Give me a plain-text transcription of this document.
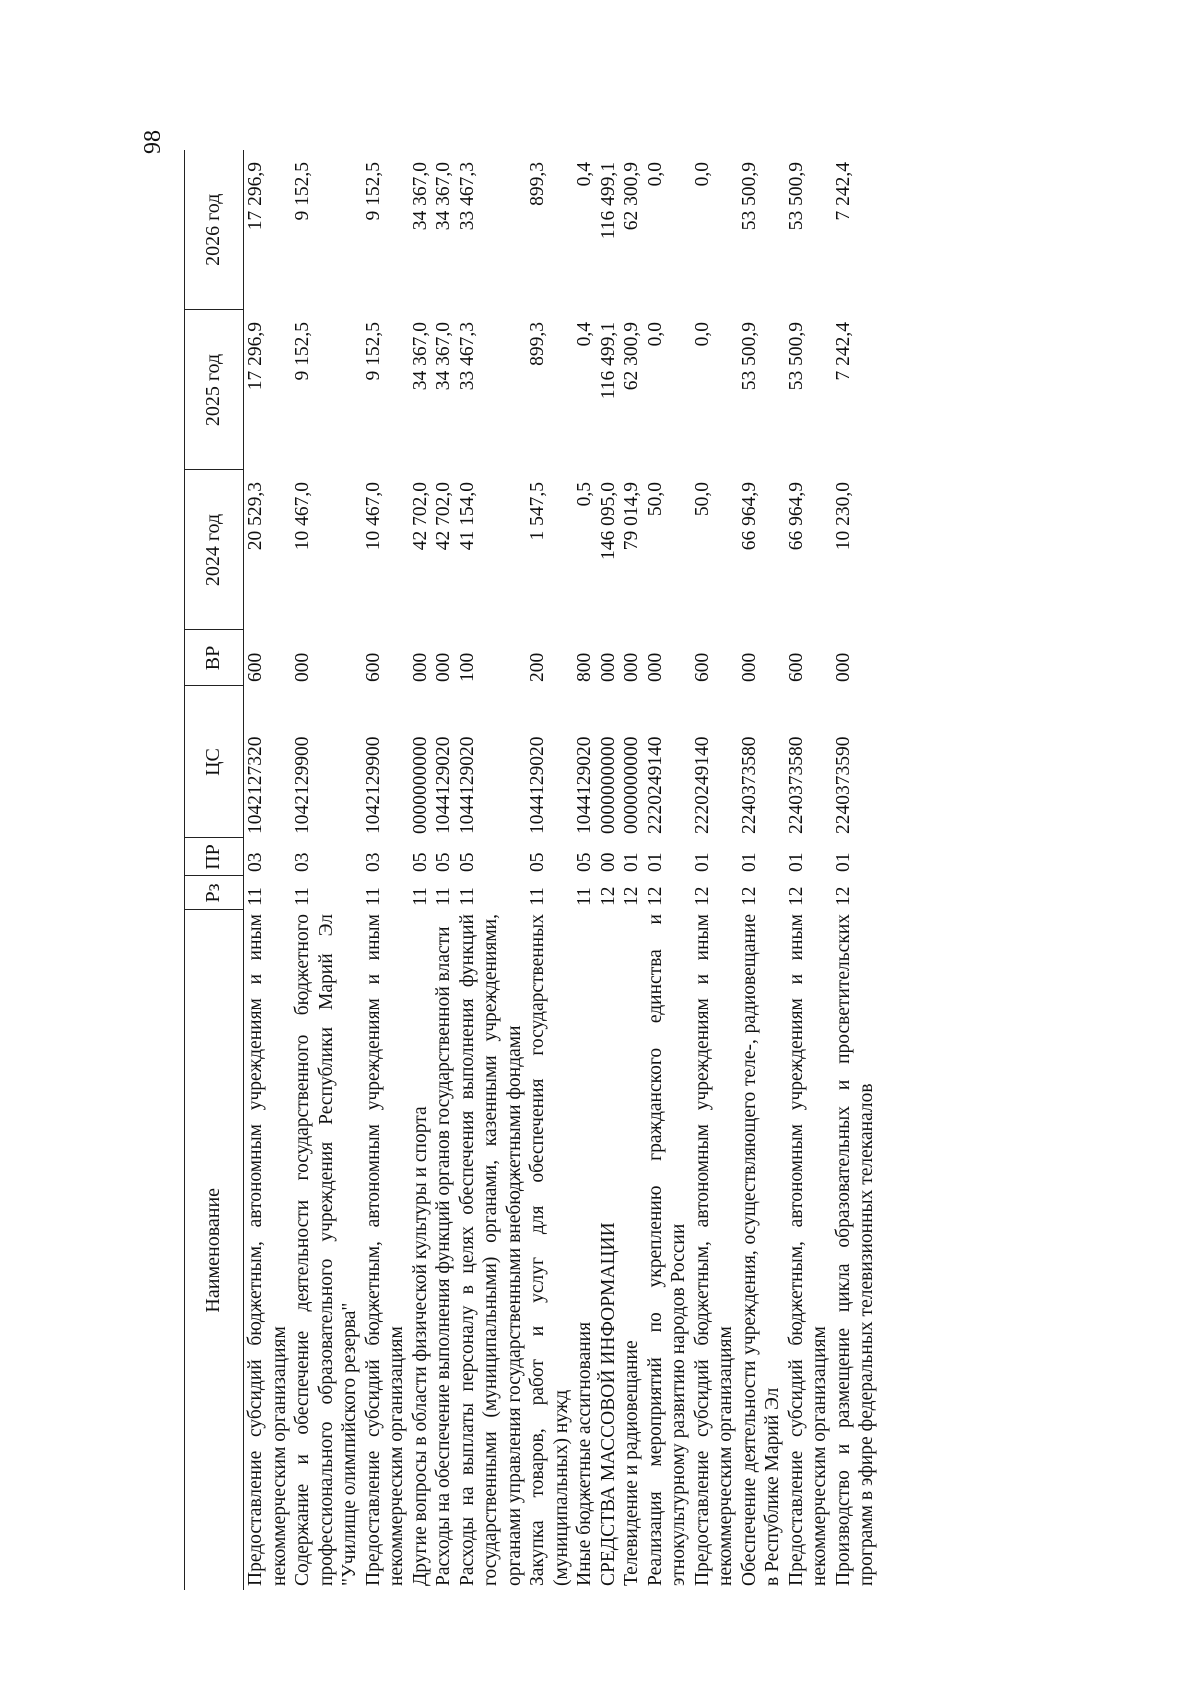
98
Наименование	Рз	ПР	ЦС	ВР	2024 год	2025 год	2026 год
Предоставление субсидий бюджетным, автономным учреждениям и иным некоммерческим организациям	11	03	1042127320	600	20 529,3	17 296,9	17 296,9
Содержание и обеспечение деятельности государственного бюджетного профессионального образовательного учреждения Республики Марий Эл "Училище олимпийского резерва"	11	03	1042129900	000	10 467,0	9 152,5	9 152,5
Предоставление субсидий бюджетным, автономным учреждениям и иным некоммерческим организациям	11	03	1042129900	600	10 467,0	9 152,5	9 152,5
Другие вопросы в области физической культуры и спорта	11	05	0000000000	000	42 702,0	34 367,0	34 367,0
Расходы на обеспечение выполнения функций органов государственной власти	11	05	1044129020	000	42 702,0	34 367,0	34 367,0
Расходы на выплаты персоналу в целях обеспечения выполнения функций государственными (муниципальными) органами, казенными учреждениями, органами управления государственными внебюджетными фондами	11	05	1044129020	100	41 154,0	33 467,3	33 467,3
Закупка товаров, работ и услуг для обеспечения государственных (муниципальных) нужд	11	05	1044129020	200	1 547,5	899,3	899,3
Иные бюджетные ассигнования	11	05	1044129020	800	0,5	0,4	0,4
СРЕДСТВА МАССОВОЙ ИНФОРМАЦИИ	12	00	0000000000	000	146 095,0	116 499,1	116 499,1
Телевидение и радиовещание	12	01	0000000000	000	79 014,9	62 300,9	62 300,9
Реализация мероприятий по укреплению гражданского единства и этнокультурному развитию народов России	12	01	2220249140	000	50,0	0,0	0,0
Предоставление субсидий бюджетным, автономным учреждениям и иным некоммерческим организациям	12	01	2220249140	600	50,0	0,0	0,0
Обеспечение деятельности учреждения, осуществляющего теле-, радиовещание в Республике Марий Эл	12	01	2240373580	000	66 964,9	53 500,9	53 500,9
Предоставление субсидий бюджетным, автономным учреждениям и иным некоммерческим организациям	12	01	2240373580	600	66 964,9	53 500,9	53 500,9
Производство и размещение цикла образовательных и просветительских программ в эфире федеральных телевизионных телеканалов	12	01	2240373590	000	10 230,0	7 242,4	7 242,4
